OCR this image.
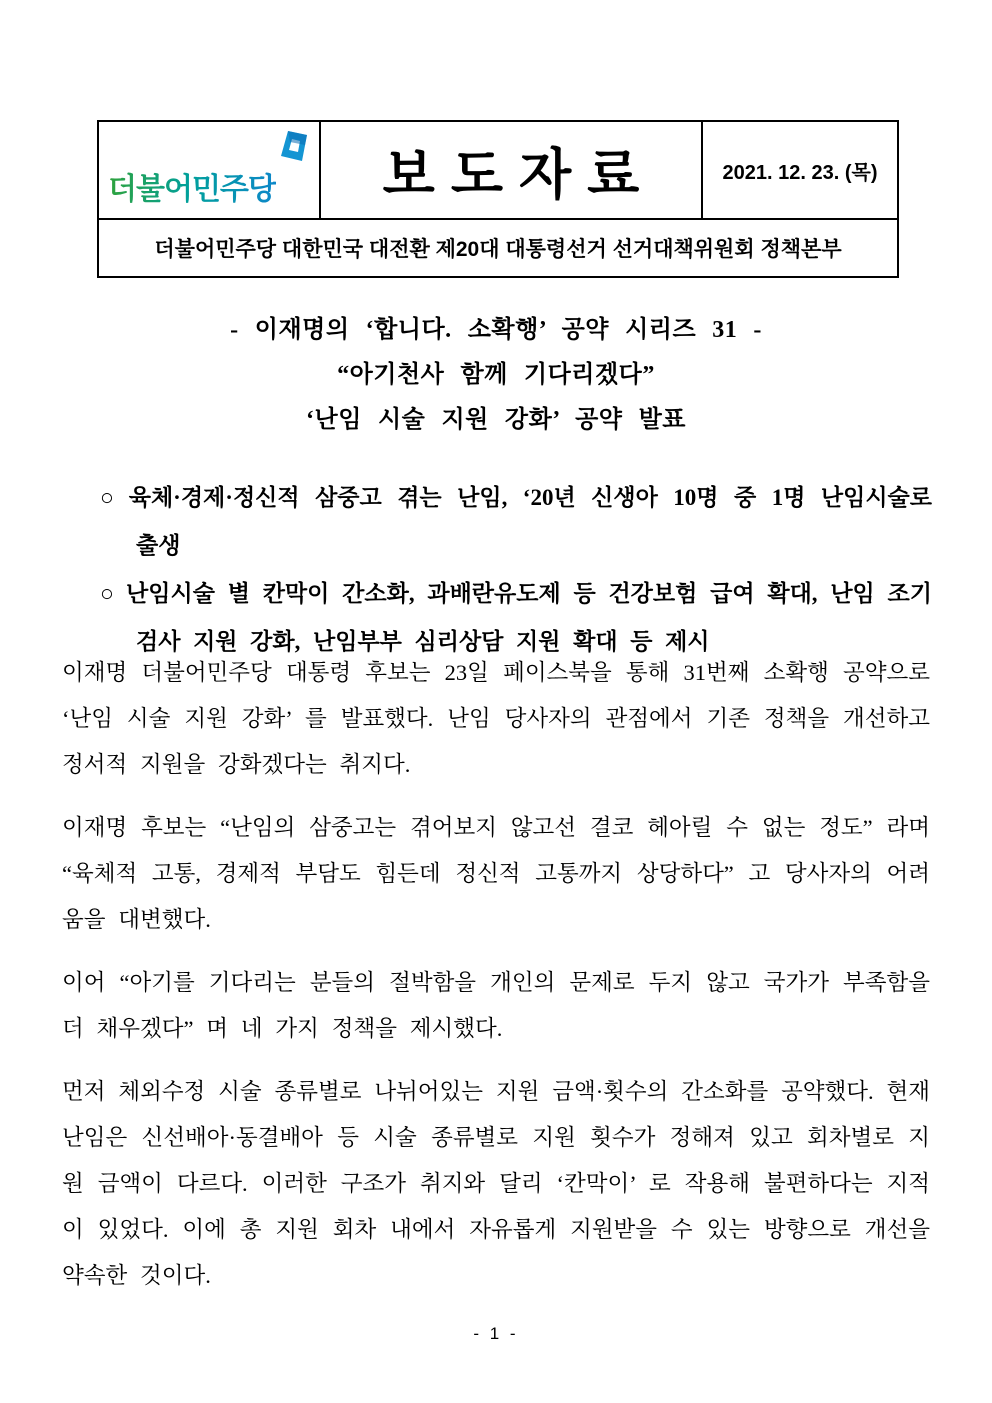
더불어민주당	보도자료	2021. 12. 23. (목)
더불어민주당 대한민국 대전환 제20대 대통령선거 선거대책위원회 정책본부
- 이재명의 ‘합니다. 소확행’ 공약 시리즈 31 -
“아기천사 함께 기다리겠다”
‘난임 시술 지원 강화’ 공약 발표

○ 육체·경제·정신적 삼중고 겪는 난임, ‘20년 신생아 10명 중 1명 난임시술로 출생

○ 난임시술 별 칸막이 간소화, 과배란유도제 등 건강보험 급여 확대, 난임 조기검사 지원 강화, 난임부부 심리상담 지원 확대 등 제시

이재명 더불어민주당 대통령 후보는 23일 페이스북을 통해 31번째 소확행 공약으로 ‘난임 시술 지원 강화’ 를 발표했다. 난임 당사자의 관점에서 기존 정책을 개선하고 정서적 지원을 강화겠다는 취지다.

이재명 후보는 “난임의 삼중고는 겪어보지 않고선 결코 헤아릴 수 없는 정도” 라며 “육체적 고통, 경제적 부담도 힘든데 정신적 고통까지 상당하다” 고 당사자의 어려움을 대변했다.

이어 “아기를 기다리는 분들의 절박함을 개인의 문제로 두지 않고 국가가 부족함을 더 채우겠다” 며 네 가지 정책을 제시했다.

먼저 체외수정 시술 종류별로 나뉘어있는 지원 금액·횟수의 간소화를 공약했다. 현재 난임은 신선배아·동결배아 등 시술 종류별로 지원 횟수가 정해져 있고 회차별로 지원 금액이 다르다. 이러한 구조가 취지와 달리 ‘칸막이’ 로 작용해 불편하다는 지적이 있었다. 이에 총 지원 회차 내에서 자유롭게 지원받을 수 있는 방향으로 개선을 약속한 것이다.

- 1 -
